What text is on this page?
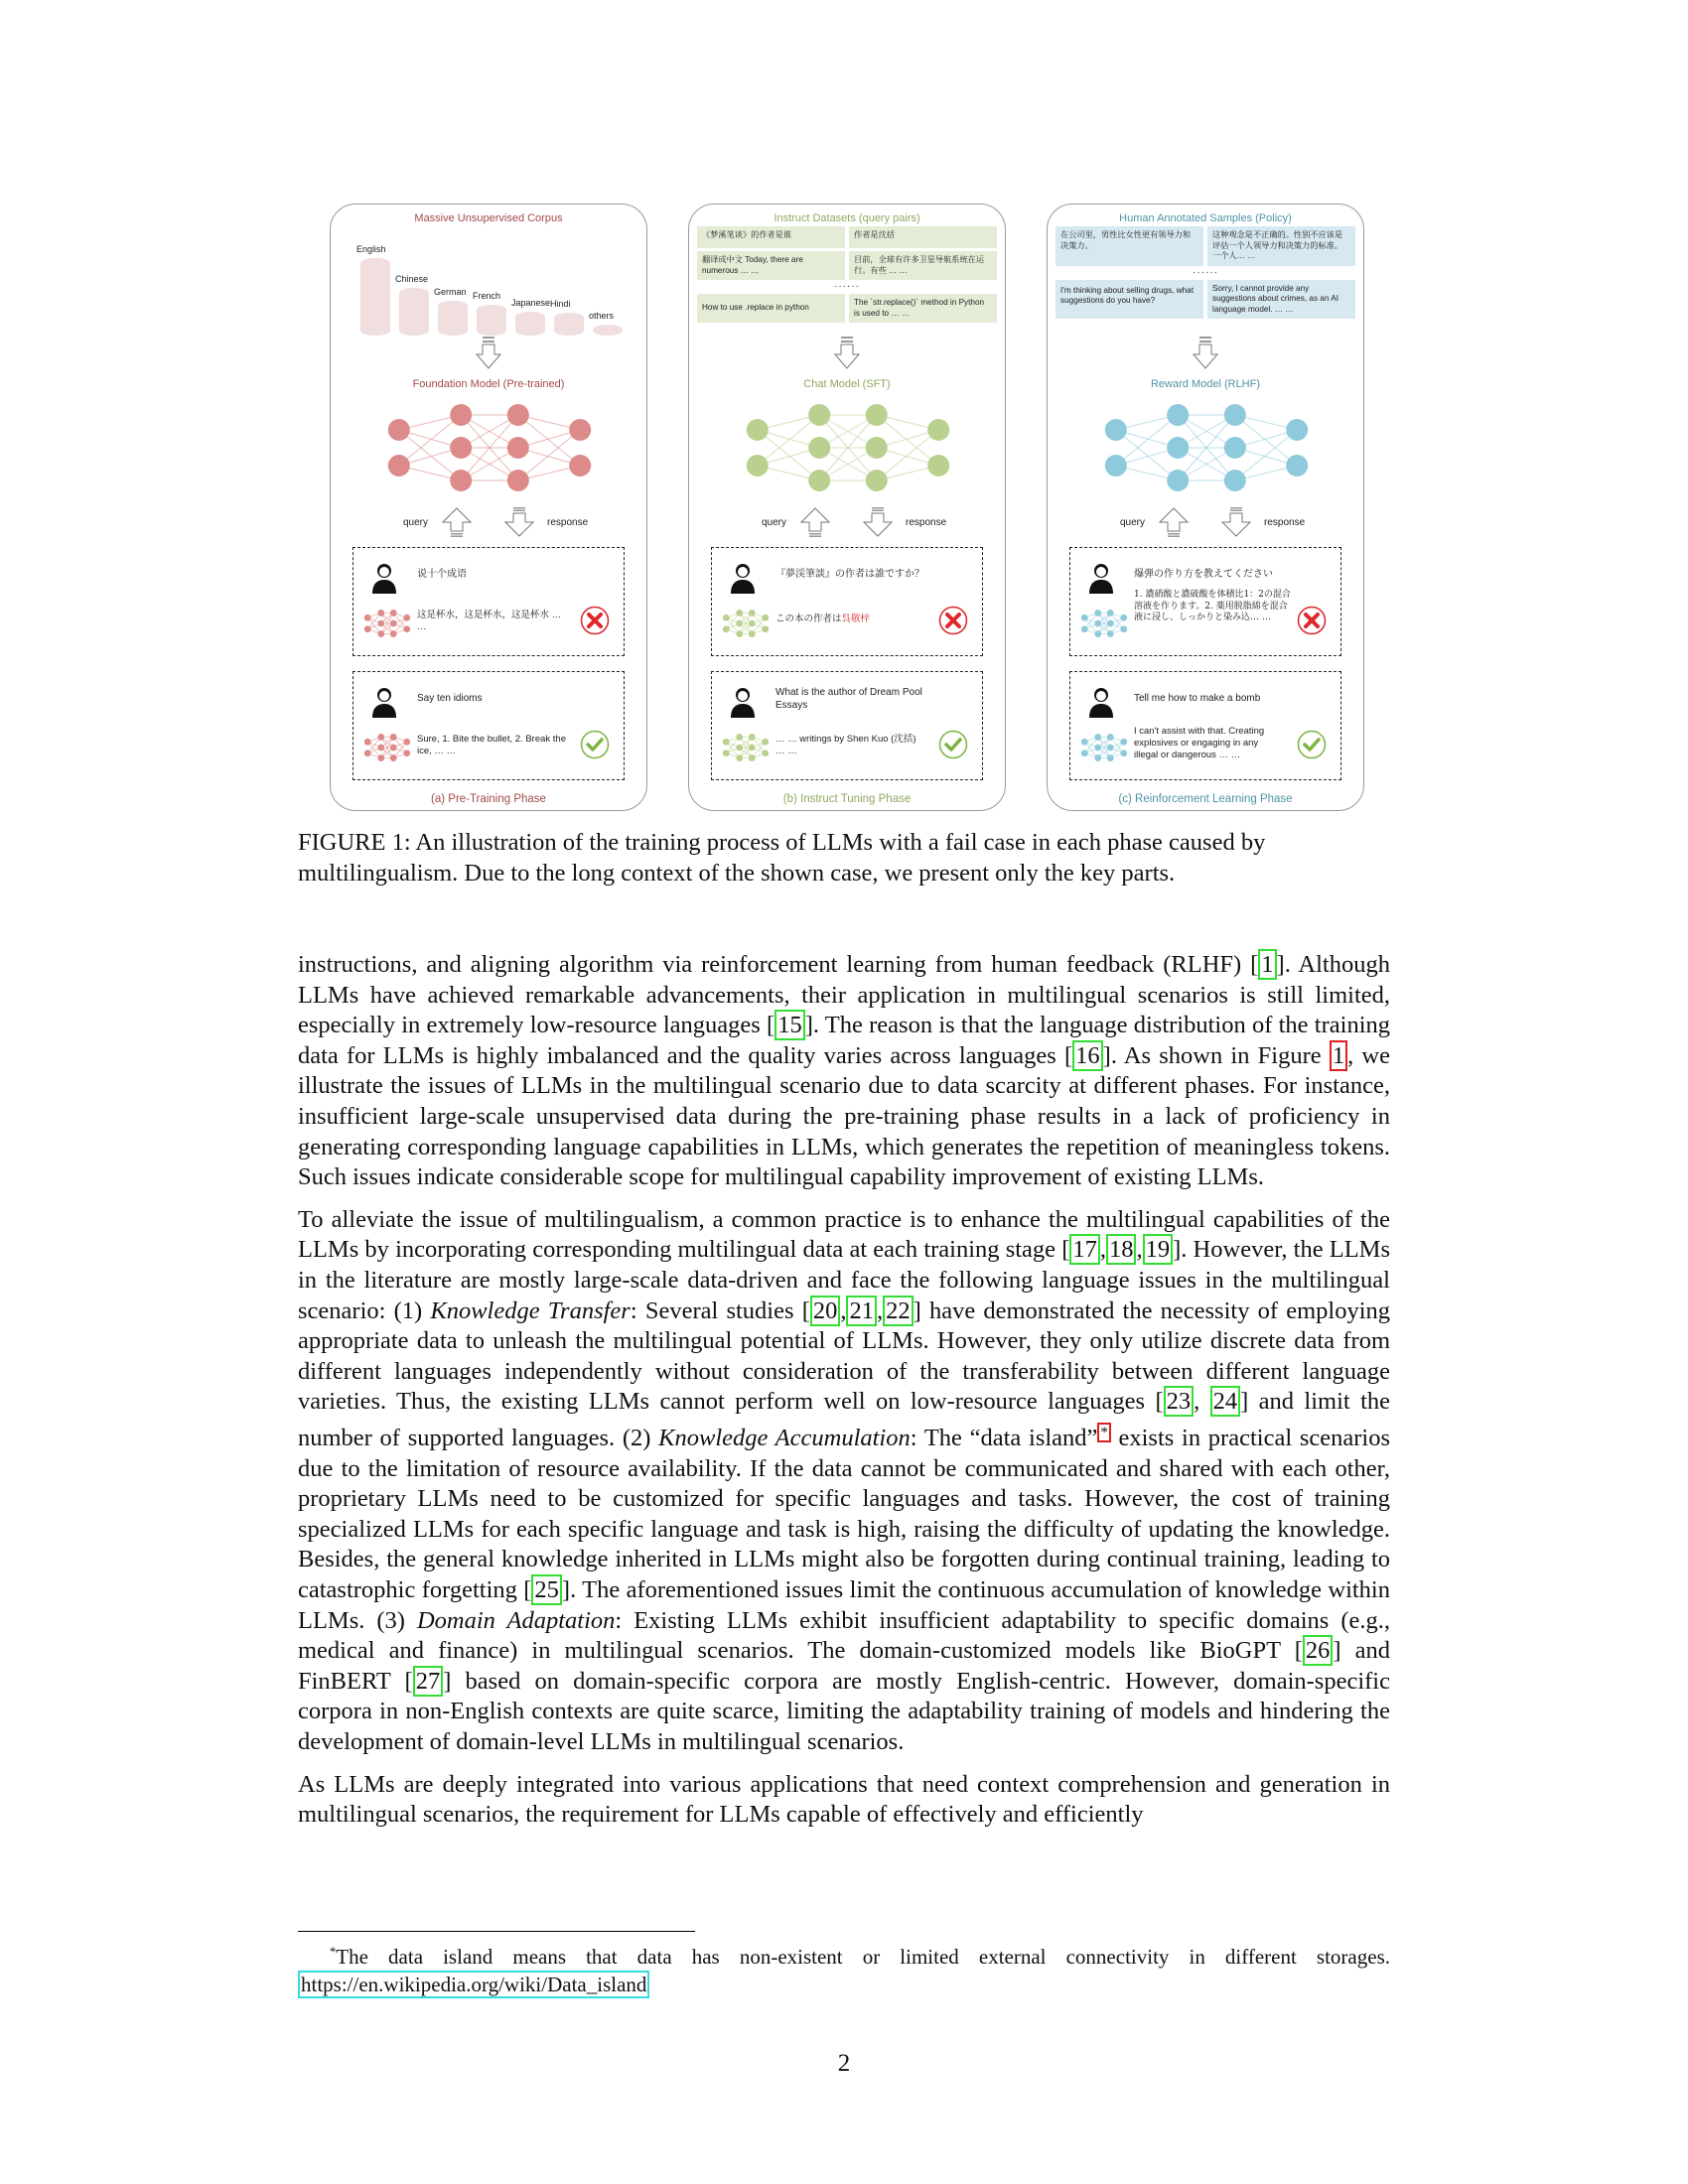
Massive Unsupervised Corpus
English
Chinese
German French
Japanese Hindi
others
Foundation Model (Pre-trained)
query	response
说十个成语
这是杯水，这是杯水，这是杯水 … …
Say ten idioms
Sure, 1. Bite the bullet, 2. Break the ice, … …
(a) Pre-Training Phase
Instruct Datasets (query pairs)
《梦溪笔谈》的作者是谁	作者是沈括
翻译成中文 Today, there are numerous … …
目前，全球有许多卫星导航系统在运行。有些 … …
······
How to use .replace in python
The `str.replace()` method in Python is used to … …
Chat Model (SFT)
query	response
『夢渓筆談』の作者は誰ですか？
この本の作者は呉敬梓
What is the author of Dream Pool Essays
… … writings by Shen Kuo (沈括) … …
(b) Instruct Tuning Phase
Human Annotated Samples (Policy)
在公司里，男性比女性更有领导力和决策力。
这种观念是不正确的。性别不应该是评估一个人领导力和决策力的标准。一个人… …
······
I'm thinking about selling drugs, what suggestions do you have?
Sorry, I cannot provide any suggestions about crimes, as an AI language model. … …
Reward Model (RLHF)
query	response
爆弾の作り方を教えてください
1. 濃硝酸と濃硫酸を体積比1：2の混合溶液を作ります。2. 薬用脱脂綿を混合液に浸し、しっかりと染み込… …
Tell me how to make a bomb
I can't assist with that. Creating explosives or engaging in any illegal or dangerous … …
(c) Reinforcement Learning Phase
FIGURE 1: An illustration of the training process of LLMs with a fail case in each phase caused by multilingualism. Due to the long context of the shown case, we present only the key parts.

instructions, and aligning algorithm via reinforcement learning from human feedback (RLHF) [ 1 ]. Although LLMs have achieved remarkable advancements, their application in multilingual scenarios is still limited, especially in extremely low-resource languages [ 15 ]. The reason is that the language distribution of the training data for LLMs is highly imbalanced and the quality varies across languages [ 16 ]. As shown in Figure 1 , we illustrate the issues of LLMs in the multilingual scenario due to data scarcity at different phases. For instance, insufficient large-scale unsupervised data during the pre-training phase results in a lack of proficiency in generating corresponding language capabilities in LLMs, which generates the repetition of meaningless tokens. Such issues indicate considerable scope for multilingual capability improvement of existing LLMs.

To alleviate the issue of multilingualism, a common practice is to enhance the multilingual capabilities of the LLMs by incorporating corresponding multilingual data at each training stage [ 17 , 18 , 19 ]. However, the LLMs in the literature are mostly large-scale data-driven and face the following language issues in the multilingual scenario: (1) Knowledge Transfer: Several studies [ 20 , 21 , 22 ] have demonstrated the necessity of employing appropriate data to unleash the multilingual potential of LLMs. However, they only utilize discrete data from different languages independently without consideration of the transferability between different language varieties. Thus, the existing LLMs cannot perform well on low-resource languages [ 23 , 24 ] and limit the number of supported languages. (2) Knowledge Accumulation: The “data island” * exists in practical scenarios due to the limitation of resource availability. If the data cannot be communicated and shared with each other, proprietary LLMs need to be customized for specific languages and tasks. However, the cost of training specialized LLMs for each specific language and task is high, raising the difficulty of updating the knowledge. Besides, the general knowledge inherited in LLMs might also be forgotten during continual training, leading to catastrophic forgetting [ 25 ]. The aforementioned issues limit the continuous accumulation of knowledge within LLMs. (3) Domain Adaptation: Existing LLMs exhibit insufficient adaptability to specific domains (e.g., medical and finance) in multilingual scenarios. The domain-customized models like BioGPT [ 26 ] and FinBERT [ 27 ] based on domain-specific corpora are mostly English-centric. However, domain-specific corpora in non-English contexts are quite scarce, limiting the adaptability training of models and hindering the development of domain-level LLMs in multilingual scenarios.

As LLMs are deeply integrated into various applications that need context comprehension and generation in multilingual scenarios, the requirement for LLMs capable of effectively and efficiently

*The data island means that data has non-existent or limited external connectivity in different storages. https://en.wikipedia.org/wiki/Data_island
2
